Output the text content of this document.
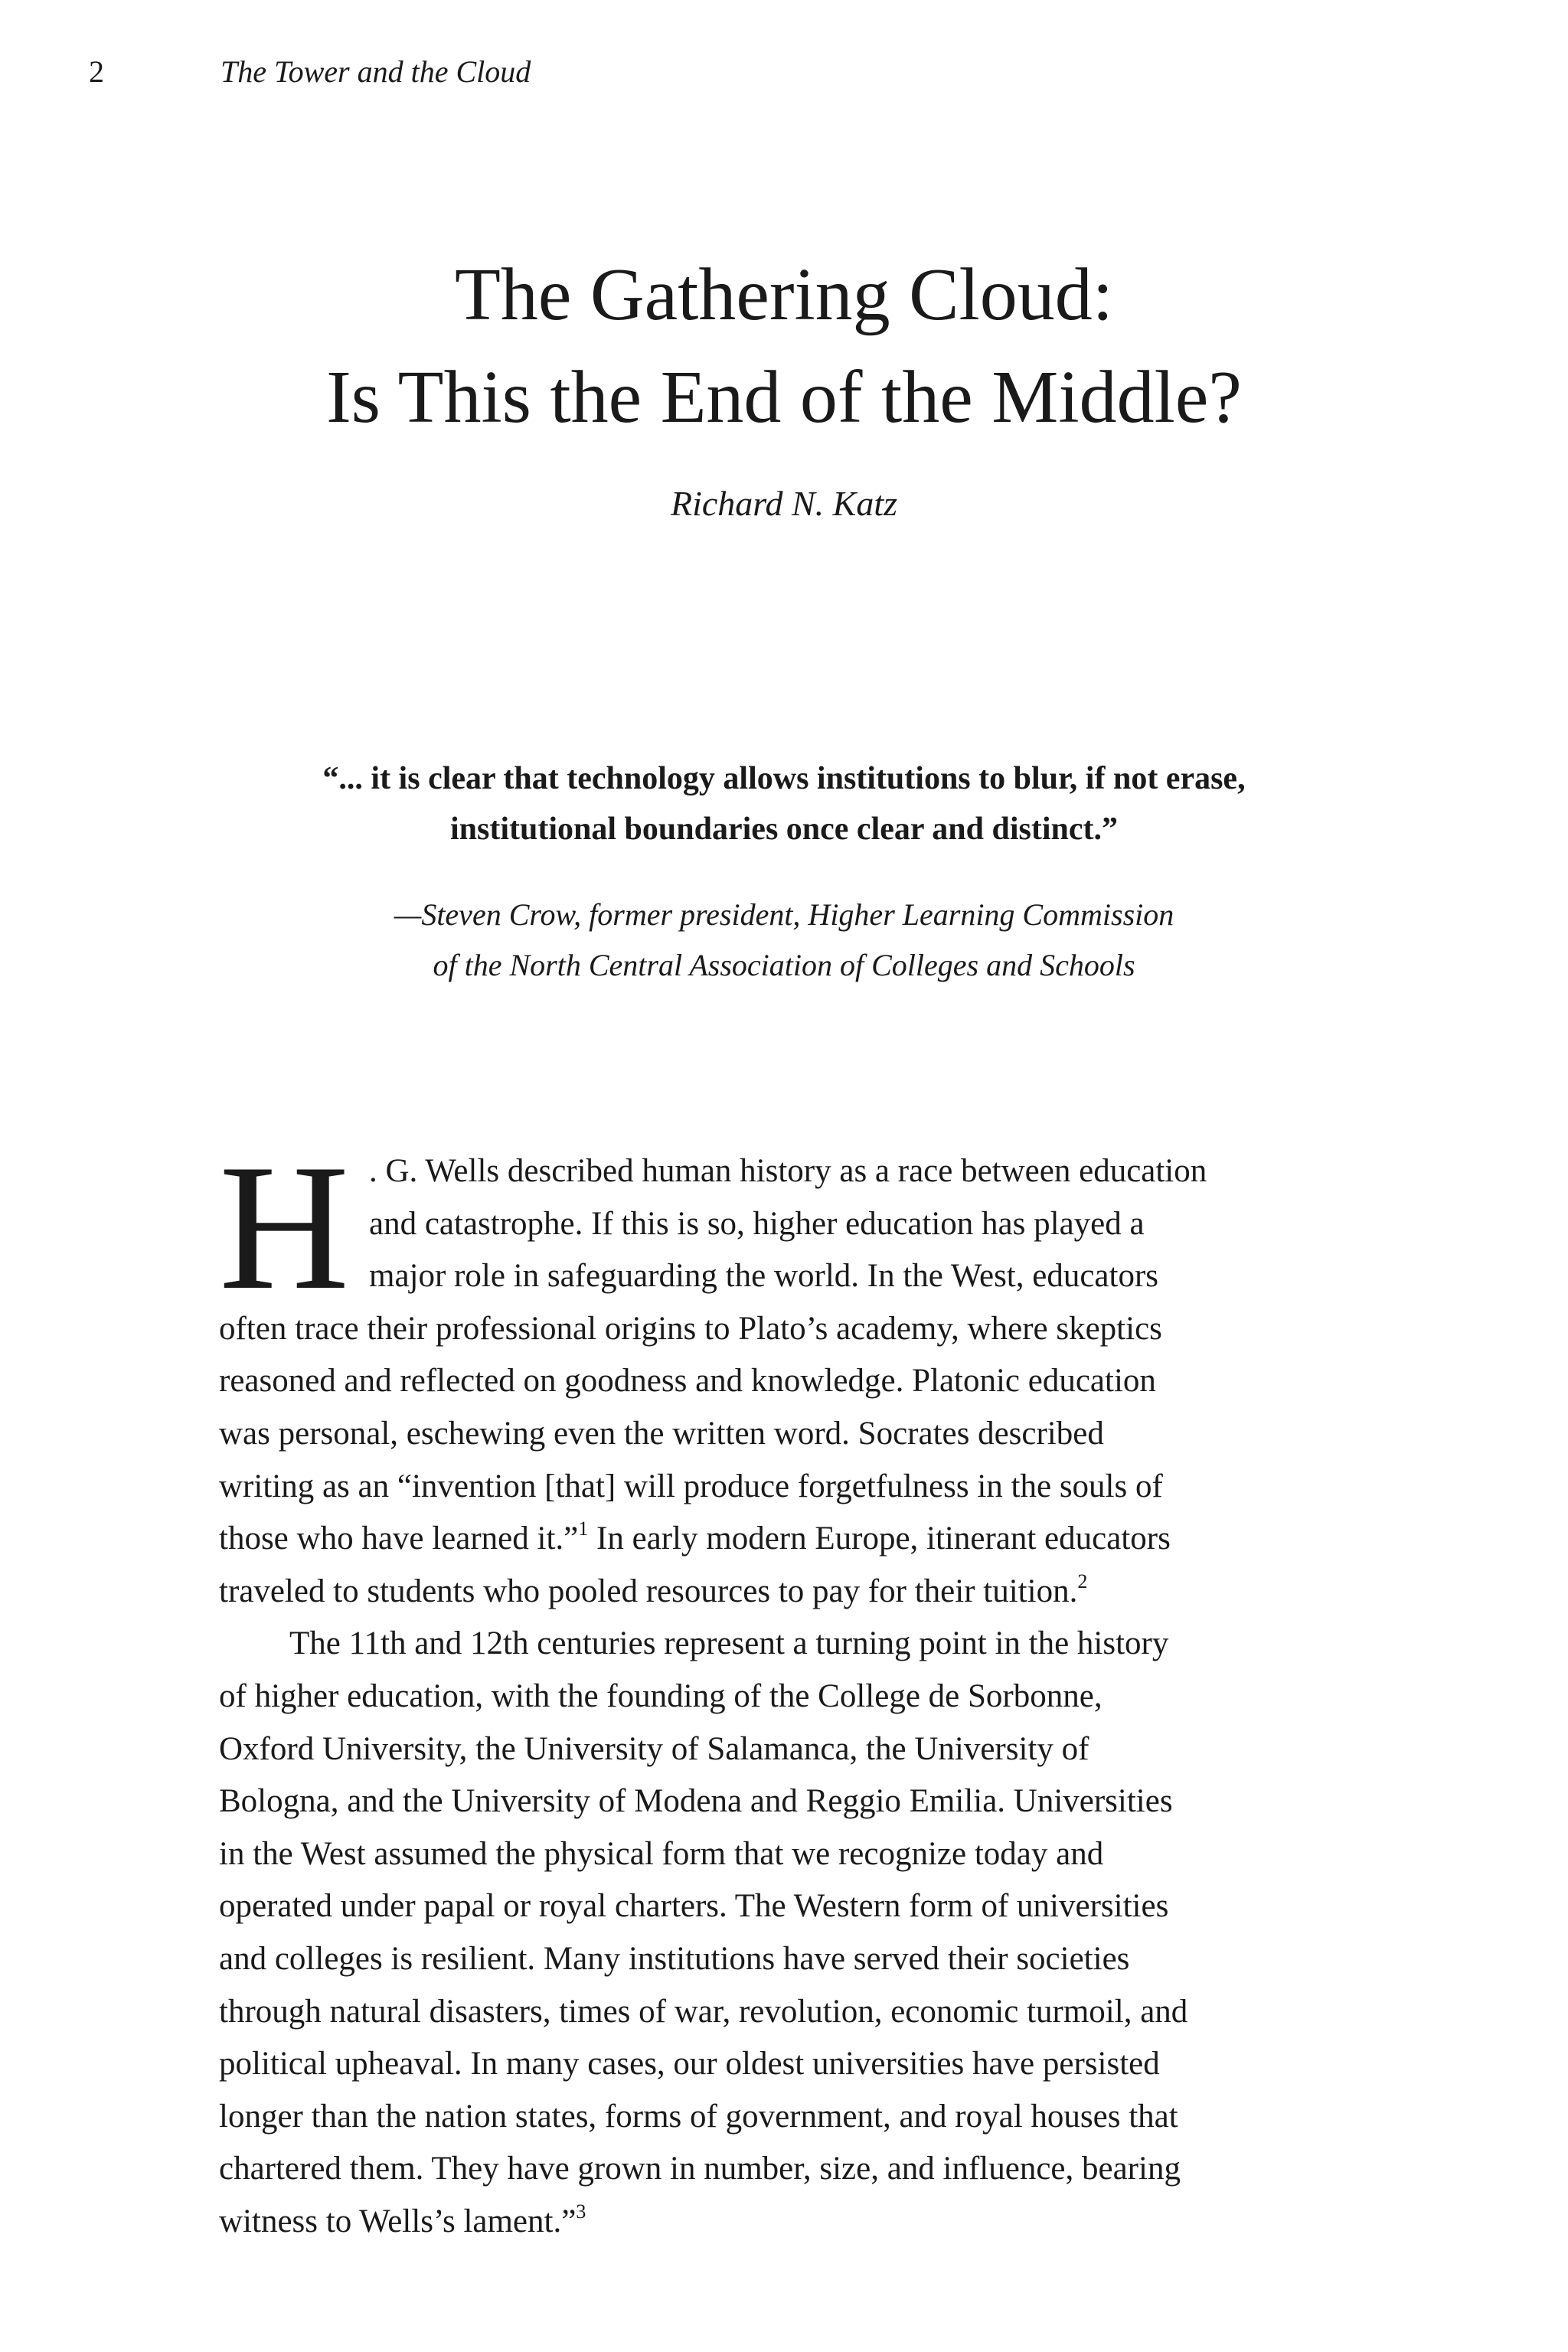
2	The Tower and the Cloud
The Gathering Cloud:
Is This the End of the Middle?
Richard N. Katz

“... it is clear that technology allows institutions to blur, if not erase,
institutional boundaries once clear and distinct.”

—Steven Crow, former president, Higher Learning Commission
of the North Central Association of Colleges and Schools

H . G. Wells described human history as a race between education
and catastrophe. If this is so, higher education has played a
major role in safeguarding the world. In the West, educators
often trace their professional origins to Plato’s academy, where skeptics
reasoned and reflected on goodness and knowledge. Platonic education
was personal, eschewing even the written word. Socrates described
writing as an “invention [that] will produce forgetfulness in the souls of
those who have learned it.”$^1$ In early modern Europe, itinerant educators
traveled to students who pooled resources to pay for their tuition.$^2$
The 11th and 12th centuries represent a turning point in the history
of higher education, with the founding of the College de Sorbonne,
Oxford University, the University of Salamanca, the University of
Bologna, and the University of Modena and Reggio Emilia. Universities
in the West assumed the physical form that we recognize today and
operated under papal or royal charters. The Western form of universities
and colleges is resilient. Many institutions have served their societies
through natural disasters, times of war, revolution, economic turmoil, and
political upheaval. In many cases, our oldest universities have persisted
longer than the nation states, forms of government, and royal houses that
chartered them. They have grown in number, size, and influence, bearing
witness to Wells’s lament.”$^3$
